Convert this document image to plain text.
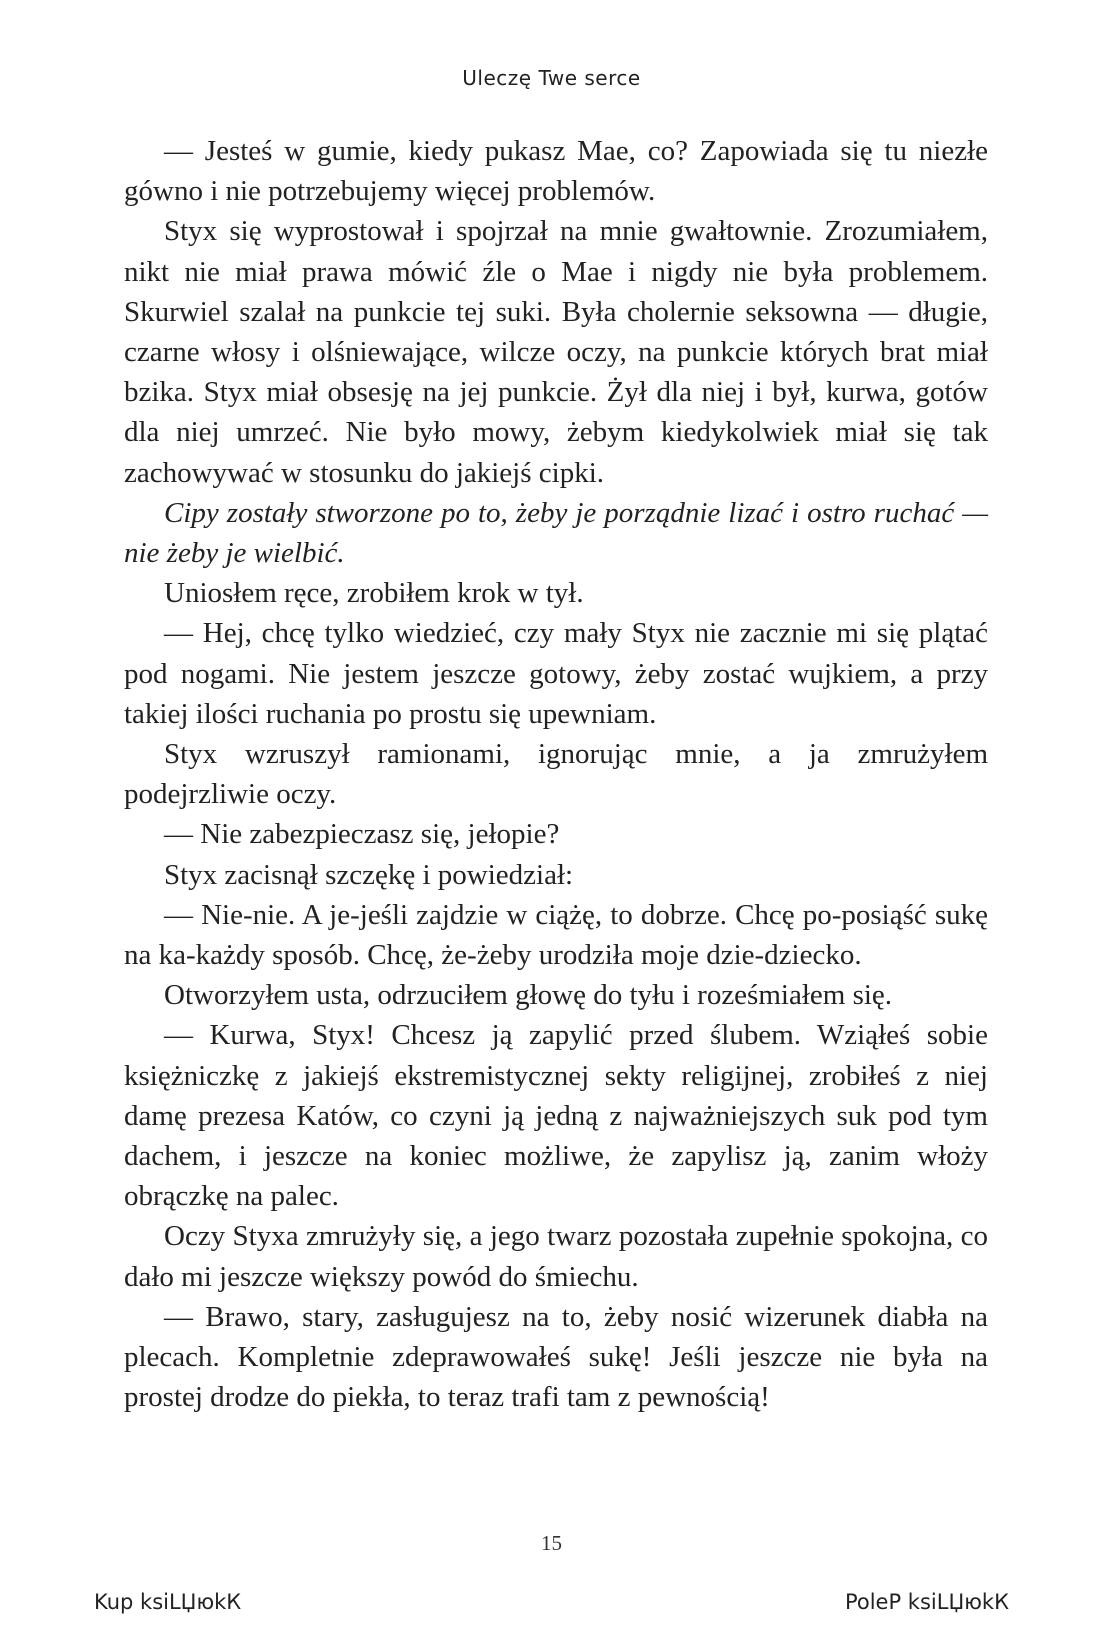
Uleczę Twe serce

— Jesteś w gumie, kiedy pukasz Mae, co? Zapowiada się tu niezłe gówno i nie potrzebujemy więcej problemów.

Styx się wyprostował i spojrzał na mnie gwałtownie. Zrozumiałem, nikt nie miał prawa mówić źle o Mae i nigdy nie była problemem. Skurwiel szalał na punkcie tej suki. Była cholernie seksowna — długie, czarne włosy i olśniewające, wilcze oczy, na punkcie których brat miał bzika. Styx miał obsesję na jej punkcie. Żył dla niej i był, kurwa, gotów dla niej umrzeć. Nie było mowy, żebym kiedykolwiek miał się tak zachowywać w stosunku do jakiejś cipki.

Cipy zostały stworzone po to, żeby je porządnie lizać i ostro ruchać — nie żeby je wielbić.

Uniosłem ręce, zrobiłem krok w tył.

— Hej, chcę tylko wiedzieć, czy mały Styx nie zacznie mi się plątać pod nogami. Nie jestem jeszcze gotowy, żeby zostać wujkiem, a przy takiej ilości ruchania po prostu się upewniam.

Styx wzruszył ramionami, ignorując mnie, a ja zmrużyłem podejrzliwie oczy.

— Nie zabezpieczasz się, jełopie?

Styx zacisnął szczękę i powiedział:

— Nie-nie. A je-jeśli zajdzie w ciążę, to dobrze. Chcę po-posiąść sukę na ka-każdy sposób. Chcę, że-żeby urodziła moje dzie-dziecko.

Otworzyłem usta, odrzuciłem głowę do tyłu i roześmiałem się.

— Kurwa, Styx! Chcesz ją zapylić przed ślubem. Wziąłeś sobie księżniczkę z jakiejś ekstremistycznej sekty religijnej, zrobiłeś z niej damę prezesa Katów, co czyni ją jedną z najważniejszych suk pod tym dachem, i jeszcze na koniec możliwe, że zapylisz ją, zanim włoży obrączkę na palec.

Oczy Styxa zmrużyły się, a jego twarz pozostała zupełnie spokojna, co dało mi jeszcze większy powód do śmiechu.

— Brawo, stary, zasługujesz na to, żeby nosić wizerunek diabła na plecach. Kompletnie zdeprawowałeś sukę! Jeśli jeszcze nie była na prostej drodze do piekła, to teraz trafi tam z pewnością!

15
Kup ksiLЏюkК	PoleР ksiLЏюkК
